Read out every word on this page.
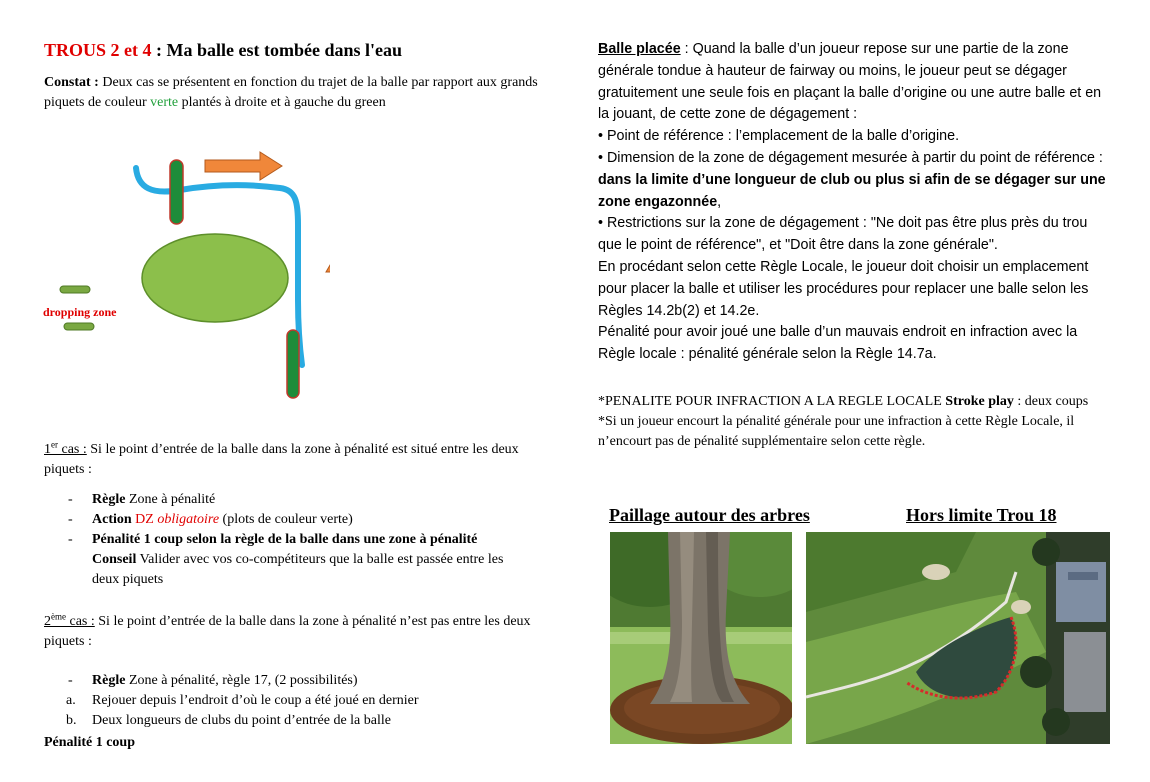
TROUS 2 et 4 : Ma balle est tombée dans l'eau
Constat : Deux cas se présentent en fonction du trajet de la balle par rapport aux grands piquets de couleur verte plantés à droite et à gauche du green
dropping zone
1er cas : Si le point d’entrée de la balle dans la zone à pénalité est situé entre les deux piquets :
- Règle Zone à pénalité
- Action DZ obligatoire (plots de couleur verte)
- Pénalité 1 coup selon la règle de la balle dans une zone à pénalité
Conseil Valider avec vos co-compétiteurs que la balle est passée entre les
deux piquets
2ème cas : Si le point d’entrée de la balle dans la zone à pénalité n’est pas entre les deux piquets :
- Règle Zone à pénalité, règle 17, (2 possibilités)
a. Rejouer depuis l’endroit d’où le coup a été joué en dernier
b. Deux longueurs de clubs du point d’entrée de la balle
Pénalité 1 coup

Balle placée : Quand la balle d’un joueur repose sur une partie de la zone générale tondue à hauteur de fairway ou moins, le joueur peut se dégager gratuitement une seule fois en plaçant la balle d’origine ou une autre balle et en la jouant, de cette zone de dégagement :

• Point de référence : l’emplacement de la balle d’origine.

• Dimension de la zone de dégagement mesurée à partir du point de référence : dans la limite d’une longueur de club ou plus si afin de se dégager sur une zone engazonnée,

• Restrictions sur la zone de dégagement : "Ne doit pas être plus près du trou que le point de référence", et "Doit être dans la zone générale".

En procédant selon cette Règle Locale, le joueur doit choisir un emplacement pour placer la balle et utiliser les procédures pour replacer une balle selon les Règles 14.2b(2) et 14.2e.

Pénalité pour avoir joué une balle d’un mauvais endroit en infraction avec la Règle locale : pénalité générale selon la Règle 14.7a.

*PENALITE POUR INFRACTION A LA REGLE LOCALE Stroke play : deux coups
*Si un joueur encourt la pénalité générale pour une infraction à cette Règle Locale, il n’encourt pas de pénalité supplémentaire selon cette règle.
Paillage autour des arbres	Hors limite Trou 18
